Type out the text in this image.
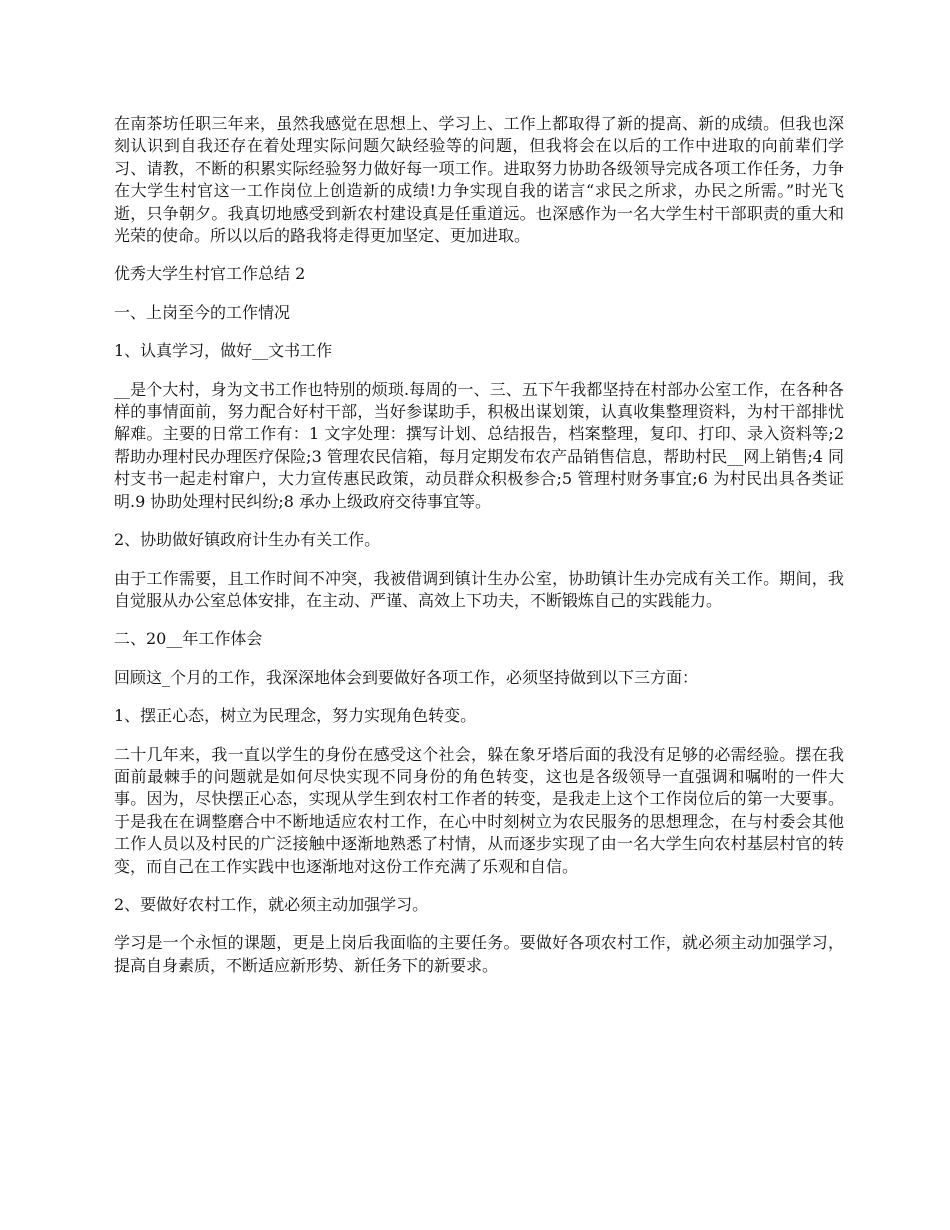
在南茶坊任职三年来，虽然我感觉在思想上、学习上、工作上都取得了新的提高、新的成绩。但我也深刻认识到自我还存在着处理实际问题欠缺经验等的问题，但我将会在以后的工作中进取的向前辈们学习、请教，不断的积累实际经验努力做好每一项工作。进取努力协助各级领导完成各项工作任务，力争在大学生村官这一工作岗位上创造新的成绩!力争实现自我的诺言“求民之所求，办民之所需。”时光飞逝，只争朝夕。我真切地感受到新农村建设真是任重道远。也深感作为一名大学生村干部职责的重大和光荣的使命。所以以后的路我将走得更加坚定、更加进取。

优秀大学生村官工作总结 2

一、上岗至今的工作情况

1、认真学习，做好__文书工作

__是个大村，身为文书工作也特别的烦琐.每周的一、三、五下午我都坚持在村部办公室工作，在各种各样的事情面前，努力配合好村干部，当好参谋助手，积极出谋划策，认真收集整理资料，为村干部排忧解难。主要的日常工作有：1 文字处理：撰写计划、总结报告，档案整理，复印、打印、录入资料等;2 帮助办理村民办理医疗保险;3 管理农民信箱，每月定期发布农产品销售信息，帮助村民__网上销售;4 同村支书一起走村窜户，大力宣传惠民政策，动员群众积极参合;5 管理村财务事宜;6 为村民出具各类证明.9 协助处理村民纠纷;8 承办上级政府交待事宜等。

2、协助做好镇政府计生办有关工作。

由于工作需要，且工作时间不冲突，我被借调到镇计生办公室，协助镇计生办完成有关工作。期间，我自觉服从办公室总体安排，在主动、严谨、高效上下功夫，不断锻炼自己的实践能力。

二、20__年工作体会

回顾这_个月的工作，我深深地体会到要做好各项工作，必须坚持做到以下三方面：

1、摆正心态，树立为民理念，努力实现角色转变。

二十几年来，我一直以学生的身份在感受这个社会，躲在象牙塔后面的我没有足够的必需经验。摆在我面前最棘手的问题就是如何尽快实现不同身份的角色转变，这也是各级领导一直强调和嘱咐的一件大事。因为，尽快摆正心态，实现从学生到农村工作者的转变，是我走上这个工作岗位后的第一大要事。于是我在在调整磨合中不断地适应农村工作，在心中时刻树立为农民服务的思想理念，在与村委会其他工作人员以及村民的广泛接触中逐渐地熟悉了村情，从而逐步实现了由一名大学生向农村基层村官的转变，而自己在工作实践中也逐渐地对这份工作充满了乐观和自信。

2、要做好农村工作，就必须主动加强学习。

学习是一个永恒的课题，更是上岗后我面临的主要任务。要做好各项农村工作，就必须主动加强学习，提高自身素质，不断适应新形势、新任务下的新要求。
